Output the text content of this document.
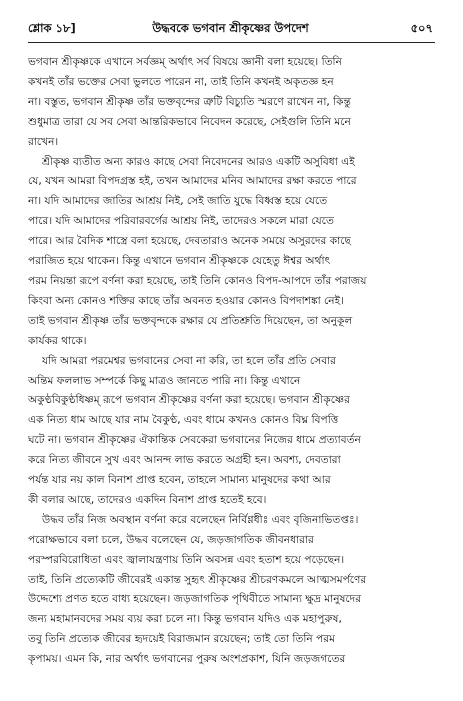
শ্লোক ১৮]	উদ্ধবকে ভগবান শ্রীকৃষ্ণের উপদেশ	৫০৭
ভগবান শ্রীকৃষ্ণকে এখানে সর্বজ্ঞম্ অর্থাৎ সর্ব বিষয়ে জ্ঞানী বলা হয়েছে। তিনি
কখনই তাঁর ভক্তের সেবা ভুলতে পারেন না, তাই তিনি কখনই অকৃতজ্ঞ হন
না। বস্তুত, ভগবান শ্রীকৃষ্ণ তাঁর ভক্তবৃন্দের ত্রুটি বিচ্যুতি স্মরণে রাখেন না, কিন্তু
শুধুমাত্র তারা যে সব সেবা আন্তরিকভাবে নিবেদন করেছে, সেইগুলি তিনি মনে
রাখেন।
শ্রীকৃষ্ণ ব্যতীত অন্য কারও কাছে সেবা নিবেদনের আরও একটি অসুবিধা এই
যে, যখন আমরা বিপদগ্রস্ত হই, তখন আমাদের মনিব আমাদের রক্ষা করতে পারে
না। যদি আমাদের জাতির আশ্রয় নিই, সেই জাতি যুদ্ধে বিধ্বস্ত হয়ে যেতে
পারে। যদি আমাদের পরিবারবর্গের আশ্রয় নিই, তাদেরও সকলে মারা যেতে
পারে। আর বৈদিক শাস্ত্রে বলা হয়েছে, দেবতারাও অনেক সময়ে অসুরদের কাছে
পরাজিত হয়ে থাকেন। কিন্তু এখানে ভগবান শ্রীকৃষ্ণকে যেহেতু ঈশ্বর অর্থাৎ
পরম নিয়ন্তা রূপে বর্ণনা করা হয়েছে, তাই তিনি কোনও বিপদ-আপদে তাঁর পরাজয়
কিংবা অন্য কোনও শক্তির কাছে তাঁর অবনত হওয়ার কোনও বিপদাশঙ্কা নেই।
তাই ভগবান শ্রীকৃষ্ণ তাঁর ভক্তবৃন্দকে রক্ষার যে প্রতিশ্রুতি দিয়েছেন, তা অনুকূল
কার্যকর থাকে।
যদি আমরা পরমেশ্বর ভগবানের সেবা না করি, তা হলে তাঁর প্রতি সেবার
অন্তিম ফললাভ সম্পর্কে কিছু মাত্রও জানতে পারি না। কিন্তু এখানে
অকুণ্ঠবিকুণ্ঠধিষ্ণম্ রূপে ভগবান শ্রীকৃষ্ণের বর্ণনা করা হয়েছে। ভগবান শ্রীকৃষ্ণের
এক নিত্য ধাম আছে যার নাম বৈকুণ্ঠ, এবং ধামে কখনও কোনও বিঘ্ন বিপত্তি
ঘটে না। ভগবান শ্রীকৃষ্ণের ঐকান্তিক সেবকেরা ভগবানের নিজের ধামে প্রত্যাবর্তন
করে নিত্য জীবনে সুখ এবং আনন্দ লাভ করতে অগ্রহী হন। অবশ্য, দেবতারা
পর্যন্ত যার নয় কাল বিনাশ প্রাপ্ত হবেন, তাহলে সামান্য মানুষদের কথা আর
কী বলার আছে, তাদেরও একদিন বিনাশ প্রাপ্ত হতেই হবে।
উদ্ধব তাঁর নিজ অবস্থান বর্ণনা করে বলেছেন নির্বিণ্ণধীঃ এবং বৃজিনাভিতপ্তঃ।
পরোক্ষভাবে বলা চলে, উদ্ধব বলেছেন যে, জড়জাগতিক জীবনধারার
পরস্পরবিরোধিতা এবং জ্বালাযন্ত্রণায় তিনি অবসন্ন এবং হতাশ হয়ে পড়েছেন।
তাই, তিনি প্রত্যেকটি জীবেরই একান্ত সুহৃৎ শ্রীকৃষ্ণের শ্রীচরণকমলে আত্মসমর্পণের
উদ্দেশ্যে প্রণত হতে বাধ্য হয়েছেন। জড়জাগতিক পৃথিবীতে সামান্য ক্ষুদ্র মানুষদের
জন্য মহামানবদের সময় ব্যয় করা চলে না। কিন্তু ভগবান যদিও এক মহাপুরুষ,
তবু তিনি প্রত্যেক জীবের হৃদয়েই বিরাজমান রয়েছেন; তাই তো তিনি পরম
কৃপাময়। এমন কি, নার অর্থাৎ ভগবানের পুরুষ অংশপ্রকাশ, যিনি জড়জগতের
